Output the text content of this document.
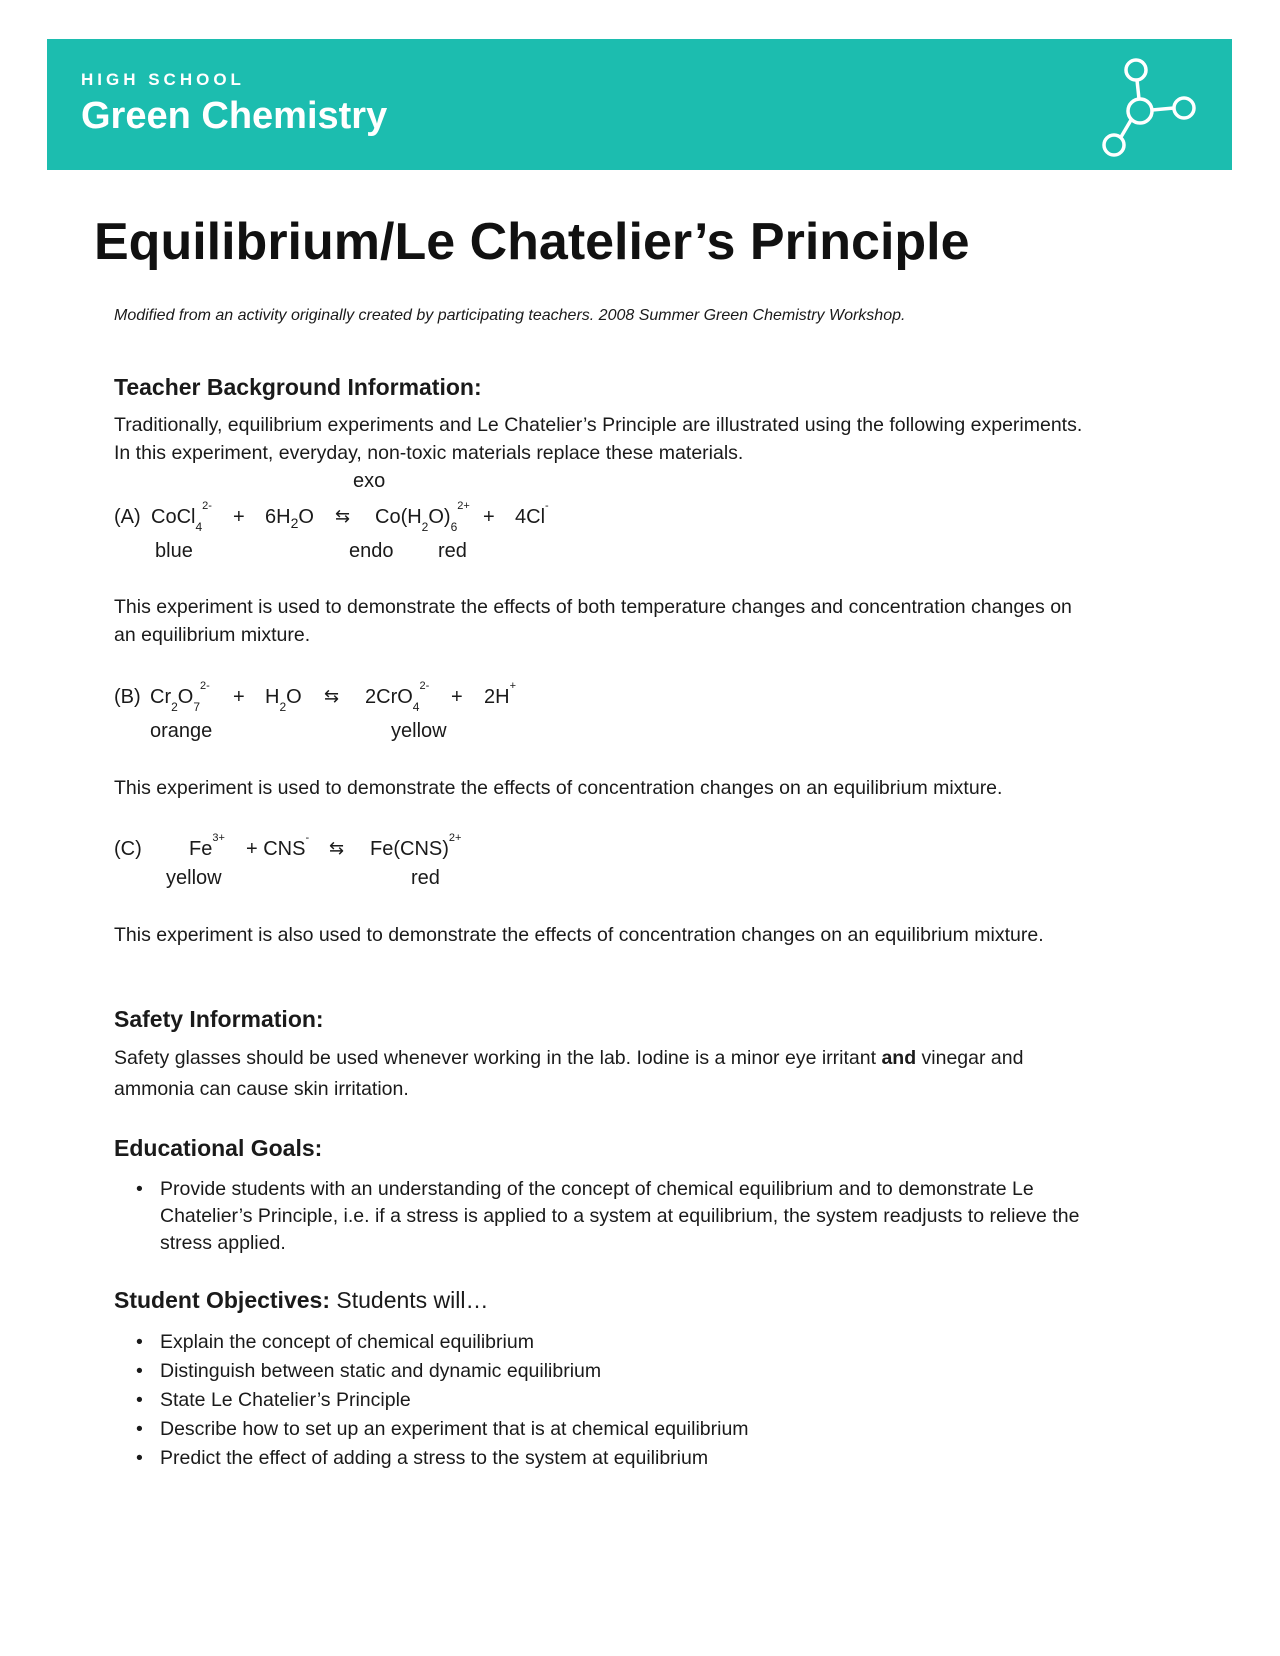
HIGH SCHOOL
Green Chemistry
Equilibrium/Le Chatelier’s Principle
Modified from an activity originally created by participating teachers. 2008 Summer Green Chemistry Workshop.
Teacher Background Information:
Traditionally, equilibrium experiments and Le Chatelier’s Principle are illustrated using the following experiments. In this experiment, everyday, non-toxic materials replace these materials.
exo
(A) CoCl$_4^{2-}$ + $6H_2O$ ⇆ $Co(H_2O)_6^{2+} + 4Cl^-$
blue	endo red
This experiment is used to demonstrate the effects of both temperature changes and concentration changes on an equilibrium mixture.
(B) $Cr_2O_7^{2-} + H_2O$ ⇆ 2CrO$_4^{2-}$ + 2H+
orange	yellow
This experiment is used to demonstrate the effects of concentration changes on an equilibrium mixture.
(C) $Fe^{3+} + CNS^-$ ⇆ Fe(CNS)$^{2+}$
yellow	red
This experiment is also used to demonstrate the effects of concentration changes on an equilibrium mixture.
Safety Information:
Safety glasses should be used whenever working in the lab. Iodine is a minor eye irritant and vinegar and ammonia can cause skin irritation.
Educational Goals:
• Provide students with an understanding of the concept of chemical equilibrium and to demonstrate Le Chatelier’s Principle, i.e. if a stress is applied to a system at equilibrium, the system readjusts to relieve the stress applied.
Student Objectives: Students will…
• Explain the concept of chemical equilibrium
• Distinguish between static and dynamic equilibrium
• State Le Chatelier’s Principle
• Describe how to set up an experiment that is at chemical equilibrium
• Predict the effect of adding a stress to the system at equilibrium
